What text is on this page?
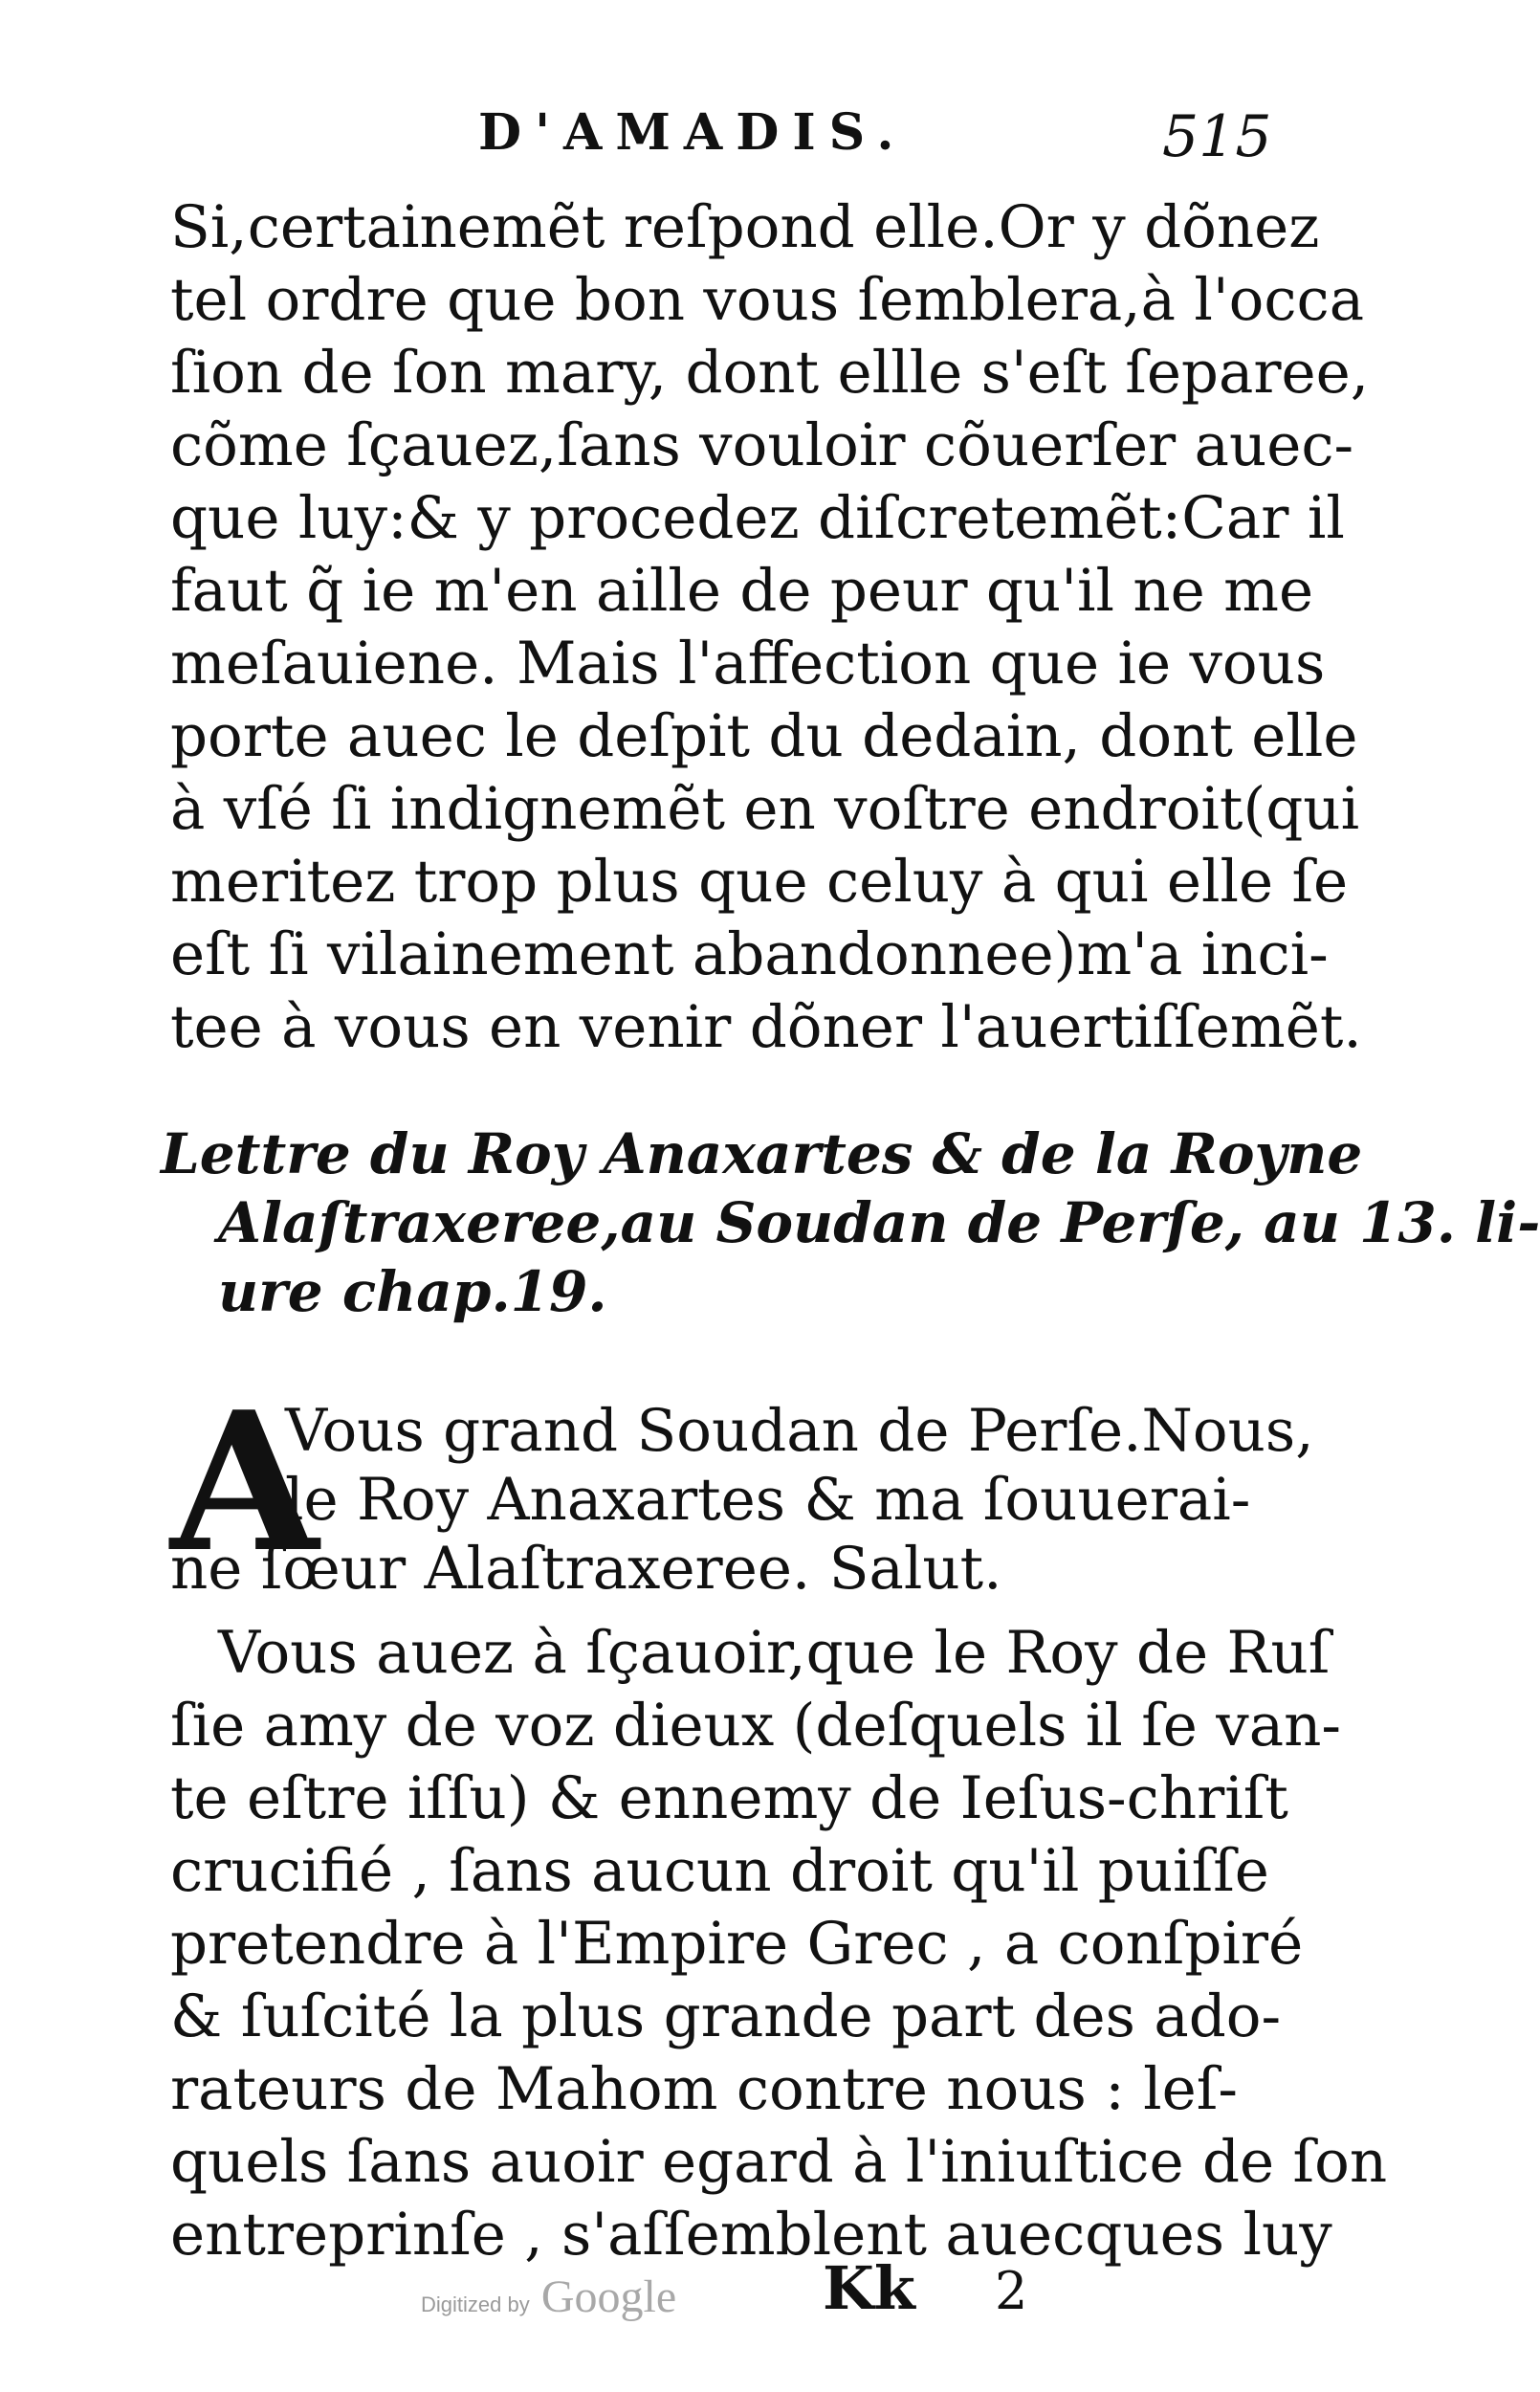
D'AMADIS.	515
Si,certainemẽt reſpond elle.Or y dõnez
tel ordre que bon vous ſemblera,à l'occa
ſion de ſon mary, dont ellle s'eſt ſeparee,
cõme ſçauez,ſans vouloir cõuerſer auec-
que luy:& y procedez diſcretemẽt:Car il
faut q̃ ie m'en aille de peur qu'il ne me
meſauiene. Mais l'affection que ie vous
porte auec le deſpit du dedain, dont elle
à vſé ſi indignemẽt en voſtre endroit(qui
meritez trop plus que celuy à qui elle ſe
eſt ſi vilainement abandonnee)m'a inci-
tee à vous en venir dõner l'auertiſſemẽt.
Lettre du Roy Anaxartes & de la Royne
Alaſtraxeree,au Soudan de Perſe, au 13. li-
ure chap.19.
A
Vous grand Soudan de Perſe.Nous,
le Roy Anaxartes & ma ſouuerai-
ne ſœur Alaſtraxeree. Salut.
Vous auez à ſçauoir,que le Roy de Ruſ
ſie amy de voz dieux (deſquels il ſe van-
te eſtre iſſu) & ennemy de Ieſus-chriſt
crucifié , ſans aucun droit qu'il puiſſe
pretendre à l'Empire Grec , a conſpiré
& ſuſcité la plus grande part des ado-
rateurs de Mahom contre nous : leſ-
quels ſans auoir egard à l'iniuſtice de ſon
entreprinſe , s'aſſemblent auecques luy
Digitized by Google Kk 2
